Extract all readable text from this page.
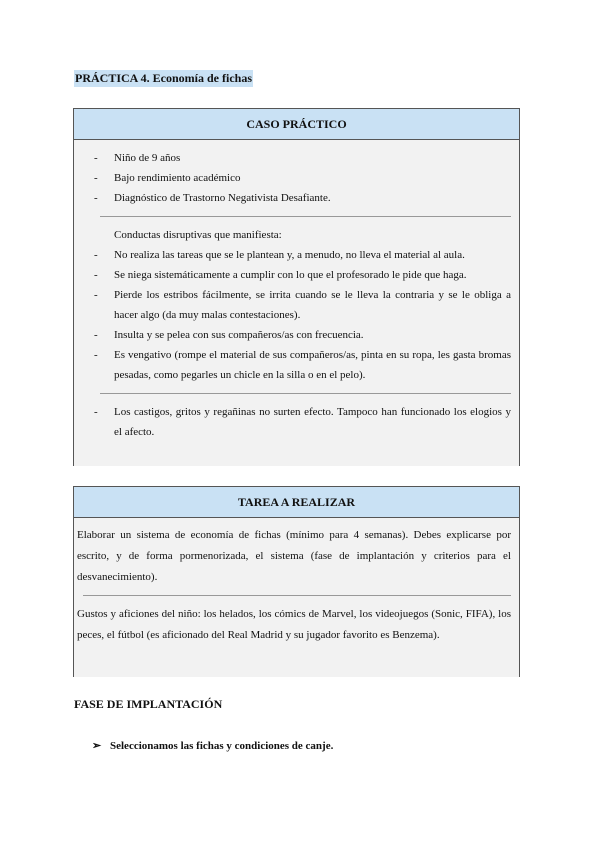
PRÁCTICA 4. Economía de fichas
CASO PRÁCTICO
- Niño de 9 años
- Bajo rendimiento académico
- Diagnóstico de Trastorno Negativista Desafiante.
Conductas disruptivas que manifiesta:
- No realiza las tareas que se le plantean y, a menudo, no lleva el material al aula.
- Se niega sistemáticamente a cumplir con lo que el profesorado le pide que haga.
- Pierde los estribos fácilmente, se irrita cuando se le lleva la contraria y se le obliga a hacer algo (da muy malas contestaciones).
- Insulta y se pelea con sus compañeros/as con frecuencia.
- Es vengativo (rompe el material de sus compañeros/as, pinta en su ropa, les gasta bromas pesadas, como pegarles un chicle en la silla o en el pelo).
- Los castigos, gritos y regañinas no surten efecto. Tampoco han funcionado los elogios y el afecto.
TAREA A REALIZAR

Elaborar un sistema de economía de fichas (mínimo para 4 semanas). Debes explicarse por escrito, y de forma pormenorizada, el sistema (fase de implantación y criterios para el desvanecimiento).

Gustos y aficiones del niño: los helados, los cómics de Marvel, los videojuegos (Sonic, FIFA), los peces, el fútbol (es aficionado del Real Madrid y su jugador favorito es Benzema).

FASE DE IMPLANTACIÓN
➢ Seleccionamos las fichas y condiciones de canje.
